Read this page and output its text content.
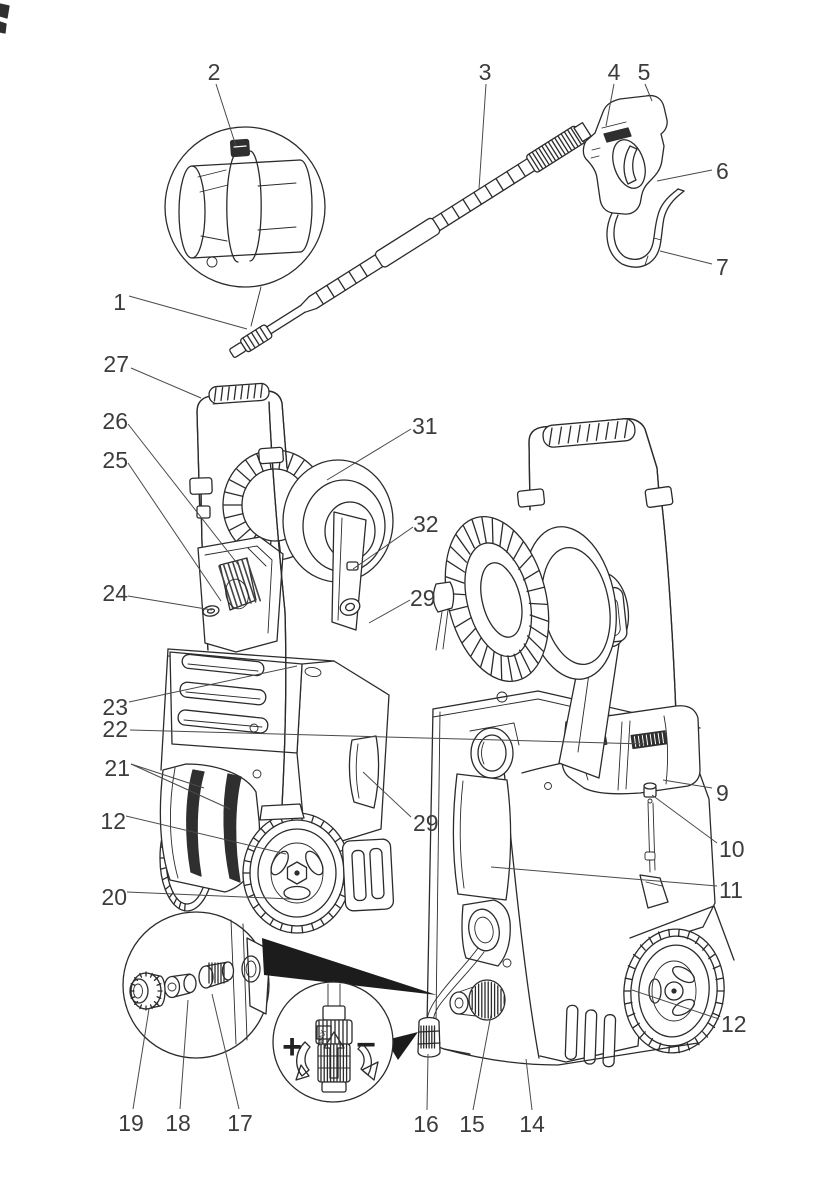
2	3	4 5
6
7
1
27
26
25
24
23
22
21
12
20
31
32
29
29
9
10
11
12
19 18 17	16 15 14
+ −
MAX
